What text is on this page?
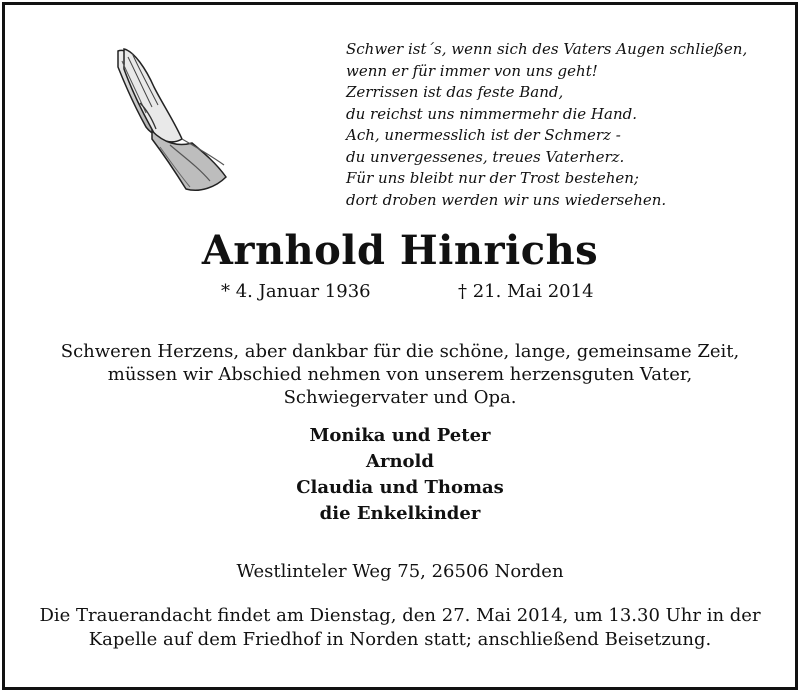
Schwer ist´s, wenn sich des Vaters Augen schließen,
wenn er für immer von uns geht!
Zerrissen ist das feste Band,
du reichst uns nimmermehr die Hand.
Ach, unermesslich ist der Schmerz -
du unvergessenes, treues Vaterherz.
Für uns bleibt nur der Trost bestehen;
dort droben werden wir uns wiedersehen.
Arnhold Hinrichs
* 4. Januar 1936	† 21. Mai 2014
Schweren Herzens, aber dankbar für die schöne, lange, gemeinsame Zeit,
müssen wir Abschied nehmen von unserem herzensguten Vater,
Schwiegervater und Opa.
Monika und Peter
Arnold
Claudia und Thomas
die Enkelkinder
Westlinteler Weg 75, 26506 Norden
Die Trauerandacht findet am Dienstag, den 27. Mai 2014, um 13.30 Uhr in der
Kapelle auf dem Friedhof in Norden statt; anschließend Beisetzung.
